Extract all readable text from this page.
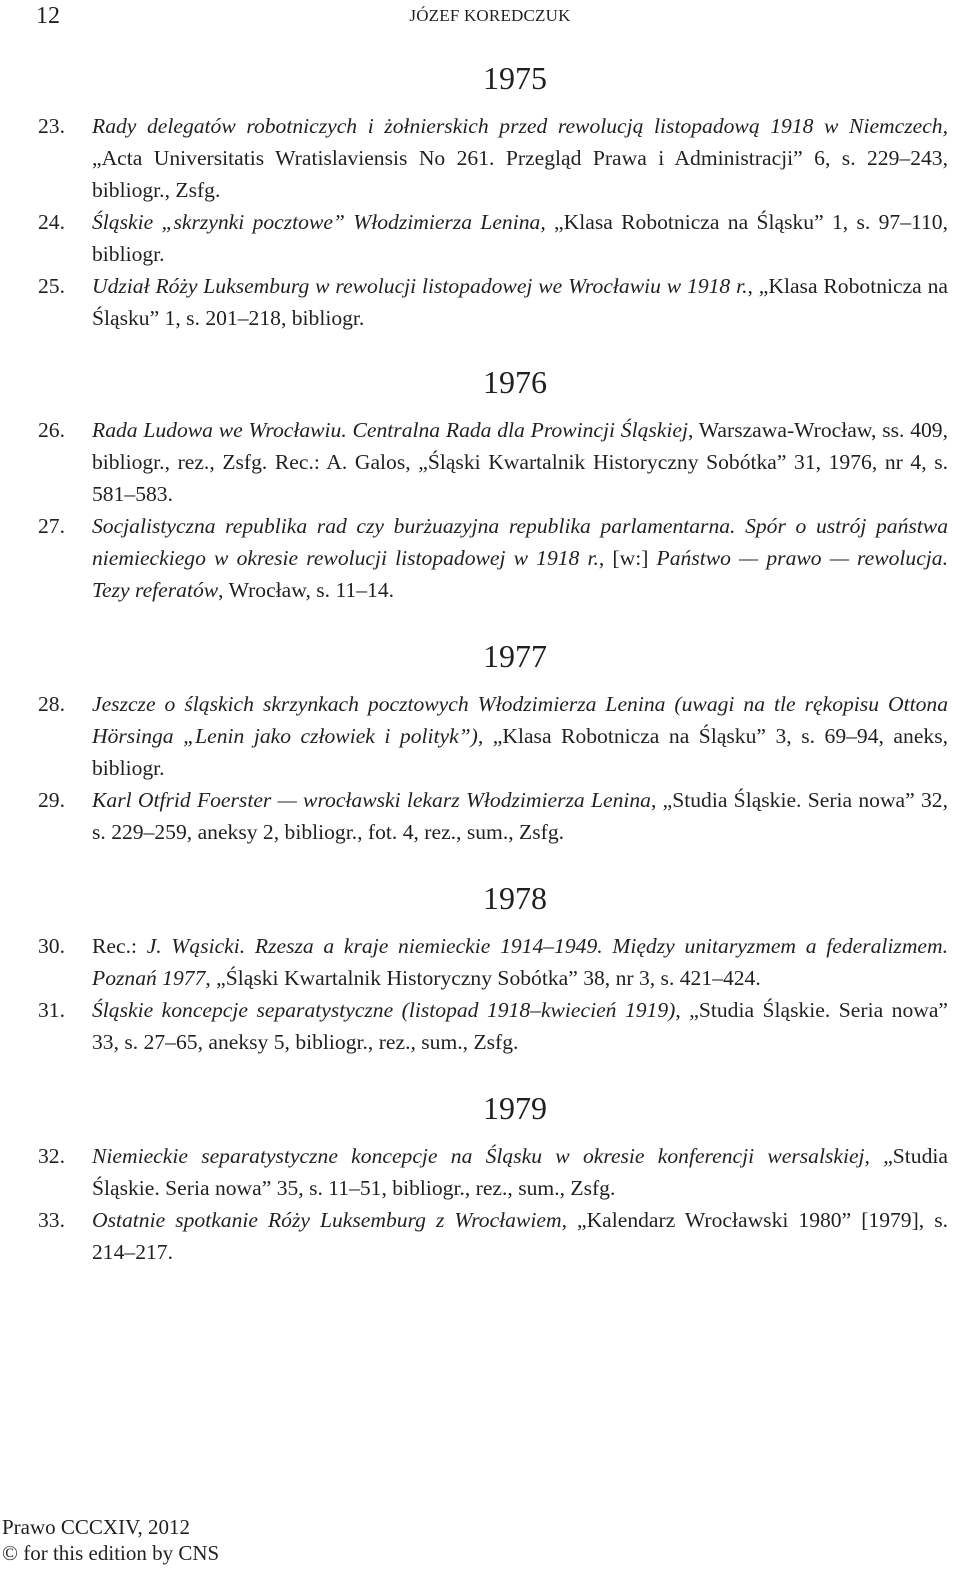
12	JÓZEF KOREDCZUK
1975

23. Rady delegatów robotniczych i żołnierskich przed rewolucją listopadową 1918 w Niemczech, „Acta Universitatis Wratislaviensis No 261. Przegląd Prawa i Administracji” 6, s. 229–243, bibliogr., Zsfg.

24. Śląskie „skrzynki pocztowe” Włodzimierza Lenina, „Klasa Robotnicza na Śląsku” 1, s. 97–110, bibliogr.

25. Udział Róży Luksemburg w rewolucji listopadowej we Wrocławiu w 1918 r., „Klasa Robotnicza na Śląsku” 1, s. 201–218, bibliogr.

1976

26. Rada Ludowa we Wrocławiu. Centralna Rada dla Prowincji Śląskiej, Warszawa-Wrocław, ss. 409, bibliogr., rez., Zsfg. Rec.: A. Galos, „Śląski Kwartalnik Historyczny Sobótka” 31, 1976, nr 4, s. 581–583.

27. Socjalistyczna republika rad czy burżuazyjna republika parlamentarna. Spór o ustrój państwa niemieckiego w okresie rewolucji listopadowej w 1918 r., [w:] Państwo — prawo — rewolucja. Tezy referatów, Wrocław, s. 11–14.

1977

28. Jeszcze o śląskich skrzynkach pocztowych Włodzimierza Lenina (uwagi na tle rękopisu Ottona Hörsinga „Lenin jako człowiek i polityk”), „Klasa Robotnicza na Śląsku” 3, s. 69–94, aneks, bibliogr.

29. Karl Otfrid Foerster — wrocławski lekarz Włodzimierza Lenina, „Studia Śląskie. Seria nowa” 32, s. 229–259, aneksy 2, bibliogr., fot. 4, rez., sum., Zsfg.

1978

30. Rec.: J. Wąsicki. Rzesza a kraje niemieckie 1914–1949. Między unitaryzmem a federalizmem. Poznań 1977, „Śląski Kwartalnik Historyczny Sobótka” 38, nr 3, s. 421–424.

31. Śląskie koncepcje separatystyczne (listopad 1918–kwiecień 1919), „Studia Śląskie. Seria nowa” 33, s. 27–65, aneksy 5, bibliogr., rez., sum., Zsfg.

1979

32. Niemieckie separatystyczne koncepcje na Śląsku w okresie konferencji wersalskiej, „Studia Śląskie. Seria nowa” 35, s. 11–51, bibliogr., rez., sum., Zsfg.

33. Ostatnie spotkanie Róży Luksemburg z Wrocławiem, „Kalendarz Wrocławski 1980” [1979], s. 214–217.

Prawo CCCXIV, 2012
© for this edition by CNS
